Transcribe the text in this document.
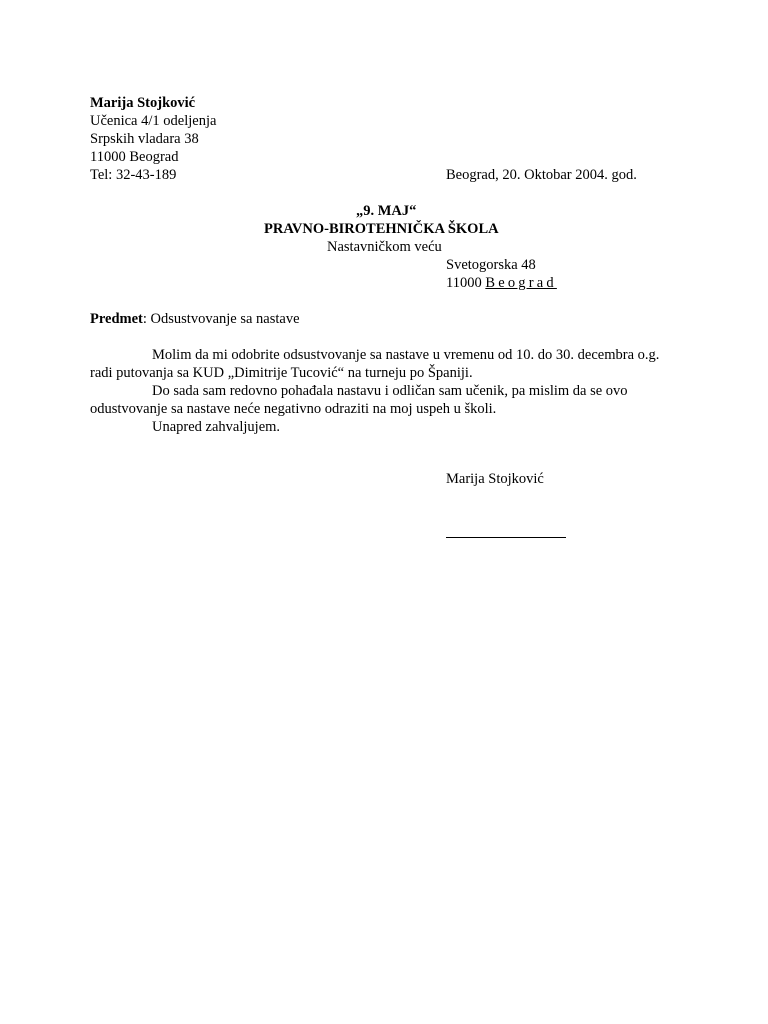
Marija Stojković
Učenica 4/1 odeljenja
Srpskih vladara 38
11000 Beograd
Tel: 32-43-189	Beograd, 20. Oktobar 2004. god.
„9. MAJ“
PRAVNO-BIROTEHNIČKA ŠKOLA
Nastavničkom veću
Svetogorska 48
11000 Beograd
Predmet: Odsustvovanje sa nastave
Molim da mi odobrite odsustvovanje sa nastave u vremenu od 10. do 30. decembra o.g.
radi putovanja sa KUD „Dimitrije Tucović“ na turneju po Španiji.
Do sada sam redovno pohađala nastavu i odličan sam učenik, pa mislim da se ovo
odustvovanje sa nastave neće negativno odraziti na moj uspeh u školi.
Unapred zahvaljujem.
Marija Stojković
